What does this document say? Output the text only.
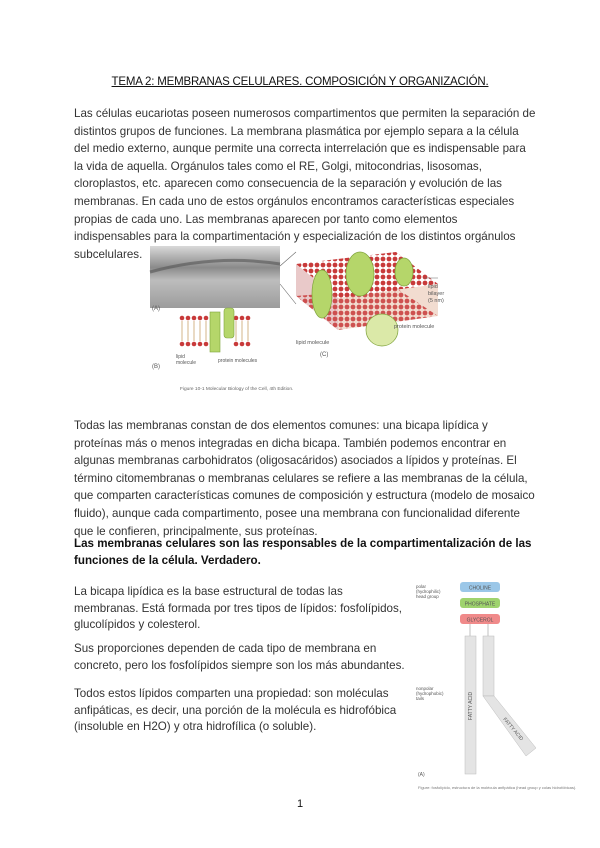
TEMA 2: MEMBRANAS CELULARES. COMPOSICIÓN Y ORGANIZACIÓN.

Las células eucariotas poseen numerosos compartimentos que permiten la separación de distintos grupos de funciones. La membrana plasmática por ejemplo separa a la célula del medio externo, aunque permite una correcta interrelación que es indispensable para la vida de aquella. Orgánulos tales como el RE, Golgi, mitocondrias, lisosomas, cloroplastos, etc. aparecen como consecuencia de la separación y evolución de las membranas. En cada uno de estos orgánulos encontramos características especiales propias de cada uno. Las membranas aparecen por tanto como elementos indispensables para la compartimentación y especialización de los distintos orgánulos subcelulares.

(A)
(B)
lipid
molecule	protein molecules
lipid molecule
(C)
protein molecule
lipid
bilayer
(5 nm)
Figure 10-1 Molecular Biology of the Cell, 4th Edition.

Todas las membranas constan de dos elementos comunes: una bicapa lipídica y proteínas más o menos integradas en dicha bicapa. También podemos encontrar en algunas membranas carbohidratos (oligosacáridos) asociados a lípidos y proteínas. El término citomembranas o membranas celulares se refiere a las membranas de la célula, que comparten características comunes de composición y estructura (modelo de mosaico fluido), aunque cada compartimento, posee una membrana con funcionalidad diferente que le confieren, principalmente, sus proteínas.

Las membranas celulares son las responsables de la compartimentalización de las funciones de la célula. Verdadero.

La bicapa lipídica es la base estructural de todas las membranas. Está formada por tres tipos de lípidos: fosfolípidos, glucolípidos y colesterol.

Sus proporciones dependen de cada tipo de membrana en concreto, pero los fosfolípidos siempre son los más abundantes.

Todos estos lípidos comparten una propiedad: son moléculas anfipáticas, es decir, una porción de la molécula es hidrofóbica (insoluble en H2O) y otra hidrofílica (o soluble).

CHOLINE
PHOSPHATE
GLYCEROL
polar
(hydrophilic)
head group
FATTY ACID
FATTY ACID
nonpolar
(hydrophobic)
tails
(A)
Figure: fosfolípido, estructura de la molécula anfipática (head group y colas hidrofóbicas).
1
